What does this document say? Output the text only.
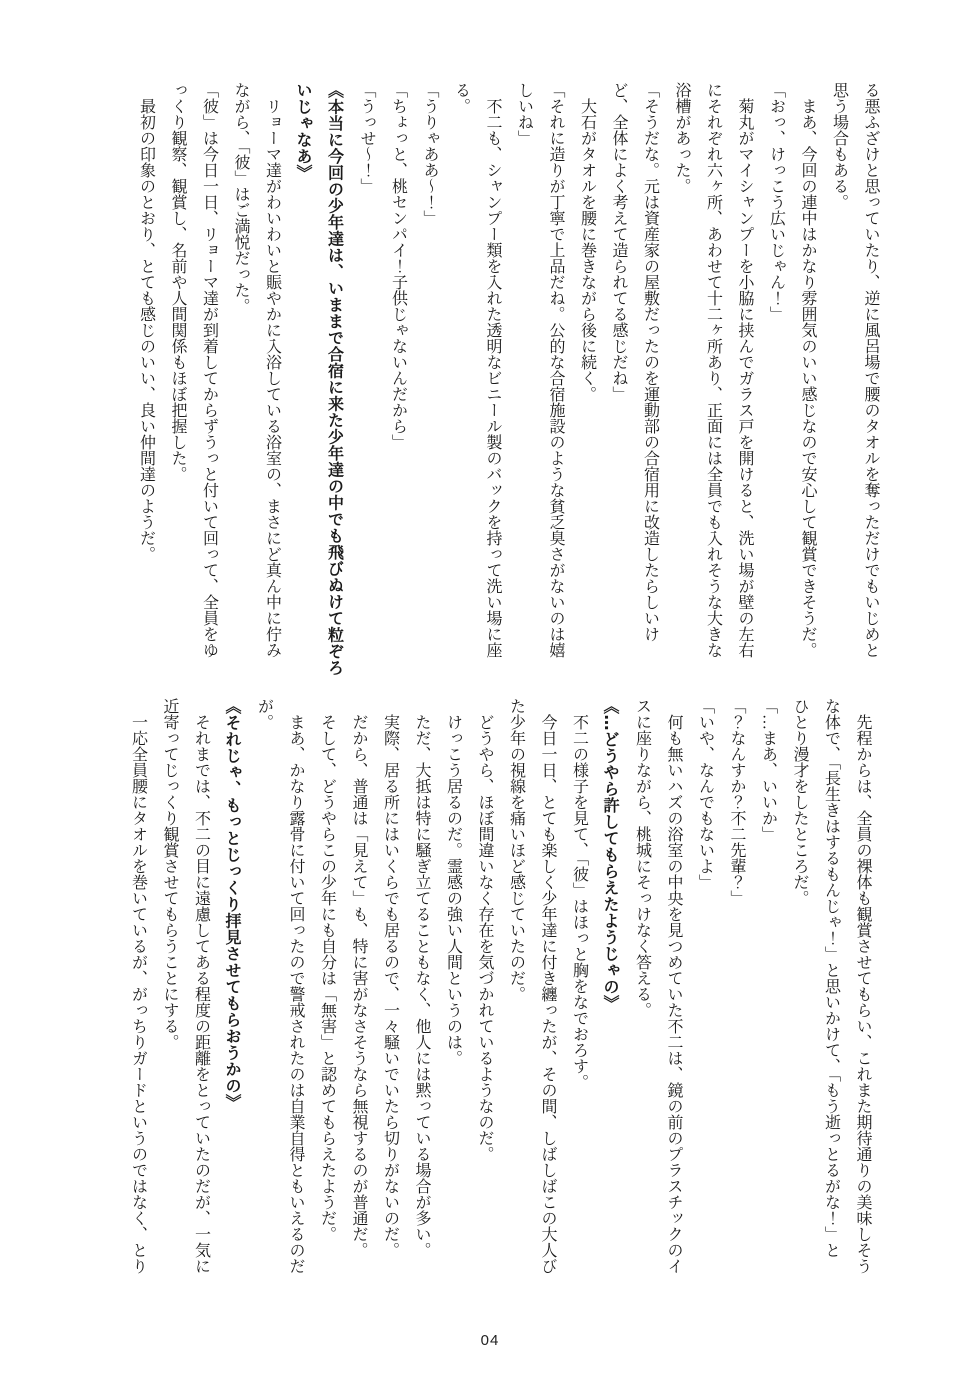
る悪ふざけと思っていたり、逆に風呂場で腰のタオルを奪っただけでもいじめと

思う場合もある。

まあ、今回の連中はかなり雰囲気のいい感じなので安心して観賞できそうだ。

「おっ、けっこう広いじゃん！」

菊丸がマイシャンプーを小脇に挟んでガラス戸を開けると、洗い場が壁の左右

にそれぞれ六ヶ所、あわせて十二ヶ所あり、正面には全員でも入れそうな大きな

浴槽があった。

「そうだな。元は資産家の屋敷だったのを運動部の合宿用に改造したらしいけ

ど、全体によく考えて造られてる感じだね」

大石がタオルを腰に巻きながら後に続く。

「それに造りが丁寧で上品だね。公的な合宿施設のような貧乏臭さがないのは嬉

しいね」

不二も、シャンプー類を入れた透明なビニール製のバックを持って洗い場に座

る。

「うりゃああ〜！」

「ちょっと、桃センパイ！子供じゃないんだから」

「うっせ〜！」

《本当に今回の少年達は、いままで合宿に来た少年達の中でも飛びぬけて粒ぞろ

いじゃなあ》

リョーマ達がわいわいと賑やかに入浴している浴室の、まさにど真ん中に佇み

ながら、「彼」はご満悦だった。

「彼」は今日一日、リョーマ達が到着してからずうっと付いて回って、全員をゆ

っくり観察、観賞し、名前や人間関係もほぼ把握した。

最初の印象のとおり、とても感じのいい、良い仲間達のようだ。

先程からは、全員の裸体も観賞させてもらい、これまた期待通りの美味しそう

な体で、「長生きはするもんじゃ！」と思いかけて、「もう逝っとるがな！」と

ひとり漫才をしたところだ。

「…まあ、いいか」

「？なんすか？不二先輩？」

「いや、なんでもないよ」

何も無いハズの浴室の中央を見つめていた不二は、鏡の前のプラスチックのイ

スに座りながら、桃城にそっけなく答える。

《…どうやら許してもらえたようじゃの》

不二の様子を見て、「彼」はほっと胸をなでおろす。

今日一日、とても楽しく少年達に付き纏ったが、その間、しばしばこの大人び

た少年の視線を痛いほど感じていたのだ。

どうやら、ほぼ間違いなく存在を気づかれているようなのだ。

けっこう居るのだ。霊感の強い人間というのは。

ただ、大抵は特に騒ぎ立てることもなく、他人には黙っている場合が多い。

実際、居る所にはいくらでも居るので、一々騒いでいたら切りがないのだ。

だから、普通は「見えて」も、特に害がなさそうなら無視するのが普通だ。

そして、どうやらこの少年にも自分は「無害」と認めてもらえたようだ。

まあ、かなり露骨に付いて回ったので警戒されたのは自業自得ともいえるのだ

が。

《それじゃ、もっとじっくり拝見させてもらおうかの》

それまでは、不二の目に遠慮してある程度の距離をとっていたのだが、一気に

近寄ってじっくり観賞させてもらうことにする。

一応全員腰にタオルを巻いているが、がっちりガードというのではなく、とり

04
